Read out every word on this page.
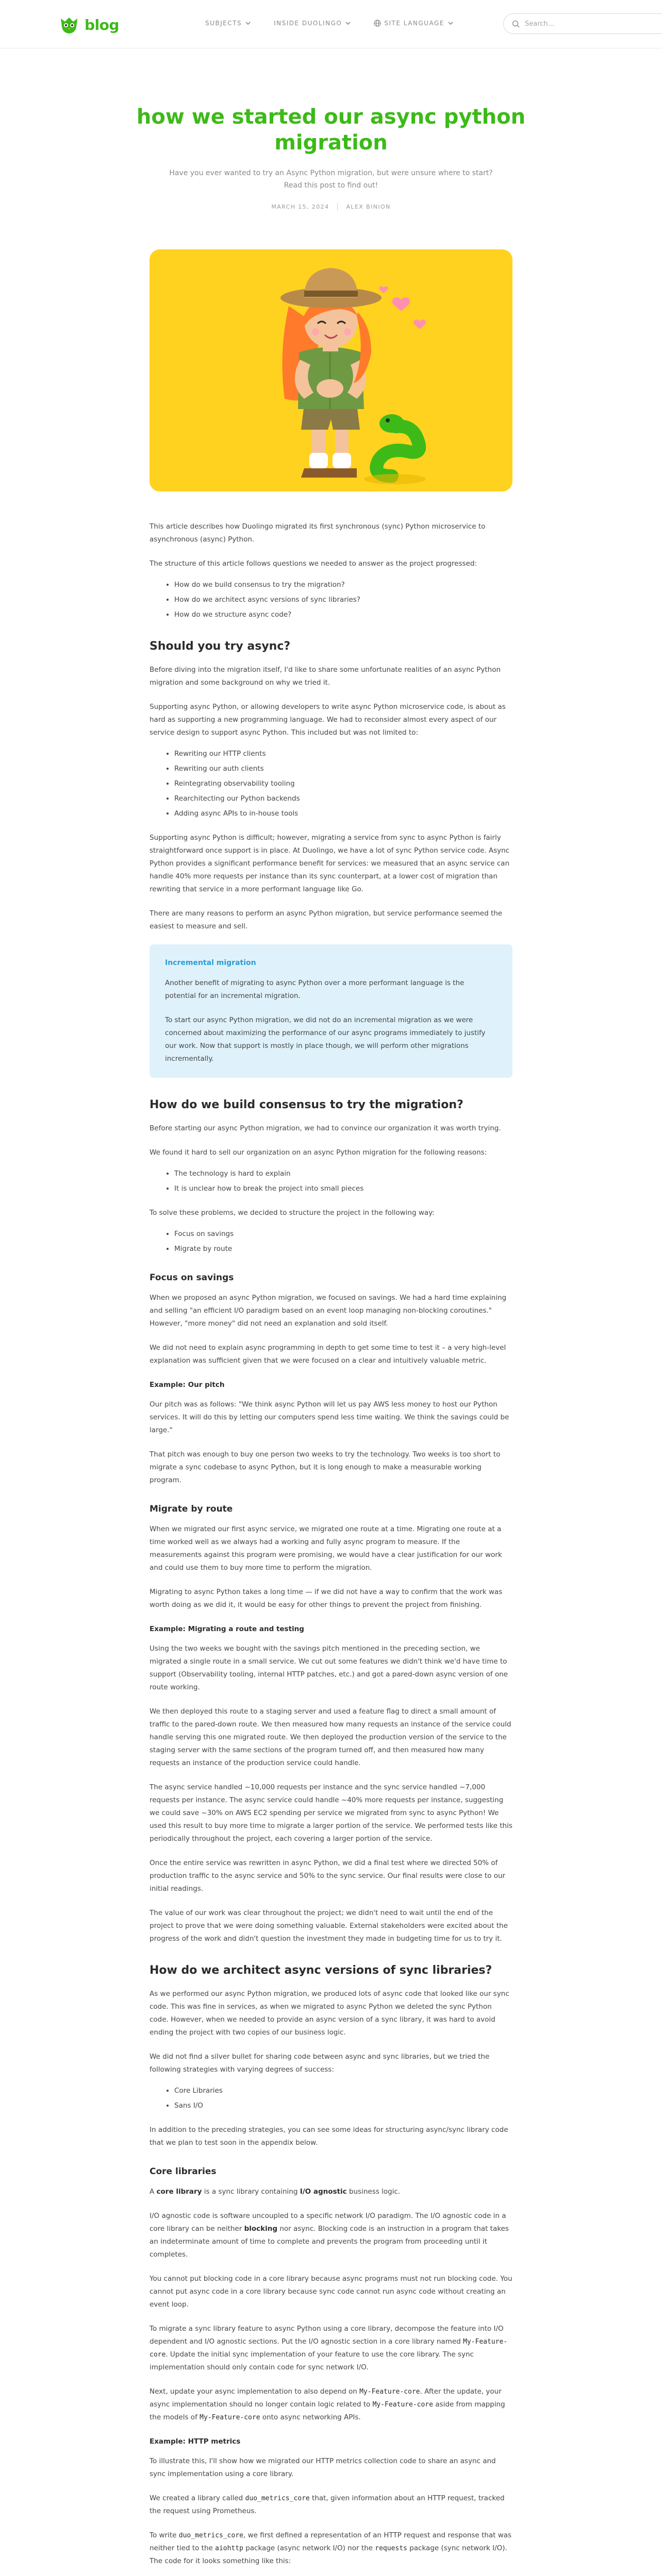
blog	SUBJECTS	INSIDE DUOLINGO	SITE LANGUAGE
Search...
how we started our async python migration

Have you ever wanted to try an Async Python migration, but were unsure where to start? Read this post to find out!

MARCH 15, 2024	ALEX BINION

This article describes how Duolingo migrated its first synchronous (sync) Python microservice to asynchronous (async) Python.

The structure of this article follows questions we needed to answer as the project progressed:

• How do we build consensus to try the migration?
• How do we architect async versions of sync libraries?
• How do we structure async code?
Should you try async?

Before diving into the migration itself, I'd like to share some unfortunate realities of an async Python migration and some background on why we tried it.

Supporting async Python, or allowing developers to write async Python microservice code, is about as hard as supporting a new programming language. We had to reconsider almost every aspect of our service design to support async Python. This included but was not limited to:

• Rewriting our HTTP clients
• Rewriting our auth clients
• Reintegrating observability tooling
• Rearchitecting our Python backends
• Adding async APIs to in-house tools

Supporting async Python is difficult; however, migrating a service from sync to async Python is fairly straightforward once support is in place. At Duolingo, we have a lot of sync Python service code. Async Python provides a significant performance benefit for services: we measured that an async service can handle 40% more requests per instance than its sync counterpart, at a lower cost of migration than rewriting that service in a more performant language like Go.

There are many reasons to perform an async Python migration, but service performance seemed the easiest to measure and sell.

Incremental migration

Another benefit of migrating to async Python over a more performant language is the potential for an incremental migration.

To start our async Python migration, we did not do an incremental migration as we were concerned about maximizing the performance of our async programs immediately to justify our work. Now that support is mostly in place though, we will perform other migrations incrementally.

How do we build consensus to try the migration?

Before starting our async Python migration, we had to convince our organization it was worth trying.

We found it hard to sell our organization on an async Python migration for the following reasons:

• The technology is hard to explain
• It is unclear how to break the project into small pieces

To solve these problems, we decided to structure the project in the following way:

• Focus on savings
• Migrate by route
Focus on savings

When we proposed an async Python migration, we focused on savings. We had a hard time explaining and selling "an efficient I/O paradigm based on an event loop managing non-blocking coroutines." However, "more money" did not need an explanation and sold itself.

We did not need to explain async programming in depth to get some time to test it – a very high-level explanation was sufficient given that we were focused on a clear and intuitively valuable metric.

Example: Our pitch

Our pitch was as follows: "We think async Python will let us pay AWS less money to host our Python services. It will do this by letting our computers spend less time waiting. We think the savings could be large."

That pitch was enough to buy one person two weeks to try the technology. Two weeks is too short to migrate a sync codebase to async Python, but it is long enough to make a measurable working program.

Migrate by route

When we migrated our first async service, we migrated one route at a time. Migrating one route at a time worked well as we always had a working and fully async program to measure. If the measurements against this program were promising, we would have a clear justification for our work and could use them to buy more time to perform the migration.

Migrating to async Python takes a long time — if we did not have a way to confirm that the work was worth doing as we did it, it would be easy for other things to prevent the project from finishing.

Example: Migrating a route and testing

Using the two weeks we bought with the savings pitch mentioned in the preceding section, we migrated a single route in a small service. We cut out some features we didn't think we'd have time to support (Observability tooling, internal HTTP patches, etc.) and got a pared-down async version of one route working.

We then deployed this route to a staging server and used a feature flag to direct a small amount of traffic to the pared-down route. We then measured how many requests an instance of the service could handle serving this one migrated route. We then deployed the production version of the service to the staging server with the same sections of the program turned off, and then measured how many requests an instance of the production service could handle.

The async service handled ~10,000 requests per instance and the sync service handled ~7,000 requests per instance. The async service could handle ~40% more requests per instance, suggesting we could save ~30% on AWS EC2 spending per service we migrated from sync to async Python! We used this result to buy more time to migrate a larger portion of the service. We performed tests like this periodically throughout the project, each covering a larger portion of the service.

Once the entire service was rewritten in async Python, we did a final test where we directed 50% of production traffic to the async service and 50% to the sync service. Our final results were close to our initial readings.

The value of our work was clear throughout the project; we didn't need to wait until the end of the project to prove that we were doing something valuable. External stakeholders were excited about the progress of the work and didn't question the investment they made in budgeting time for us to try it.

How do we architect async versions of sync libraries?

As we performed our async Python migration, we produced lots of async code that looked like our sync code. This was fine in services, as when we migrated to async Python we deleted the sync Python code. However, when we needed to provide an async version of a sync library, it was hard to avoid ending the project with two copies of our business logic.

We did not find a silver bullet for sharing code between async and sync libraries, but we tried the following strategies with varying degrees of success:

• Core Libraries
• Sans I/O

In addition to the preceding strategies, you can see some ideas for structuring async/sync library code that we plan to test soon in the appendix below.

Core libraries

A core library is a sync library containing I/O agnostic business logic.

I/O agnostic code is software uncoupled to a specific network I/O paradigm. The I/O agnostic code in a core library can be neither blocking nor async. Blocking code is an instruction in a program that takes an indeterminate amount of time to complete and prevents the program from proceeding until it completes.

You cannot put blocking code in a core library because async programs must not run blocking code. You cannot put async code in a core library because sync code cannot run async code without creating an event loop.

To migrate a sync library feature to async Python using a core library, decompose the feature into I/O dependent and I/O agnostic sections. Put the I/O agnostic section in a core library named My-Feature-core. Update the initial sync implementation of your feature to use the core library. The sync implementation should only contain code for sync network I/O.

Next, update your async implementation to also depend on My-Feature-core. After the update, your async implementation should no longer contain logic related to My-Feature-core aside from mapping the models of My-Feature-core onto async networking APIs.

Example: HTTP metrics

To illustrate this, I'll show how we migrated our HTTP metrics collection code to share an async and sync implementation using a core library.

We created a library called duo_metrics_core that, given information about an HTTP request, tracked the request using Prometheus.

To write duo_metrics_core, we first defined a representation of an HTTP request and response that was neither tied to the aiohttp package (async network I/O) nor the requests package (sync network I/O). The code for it looks something like this:
